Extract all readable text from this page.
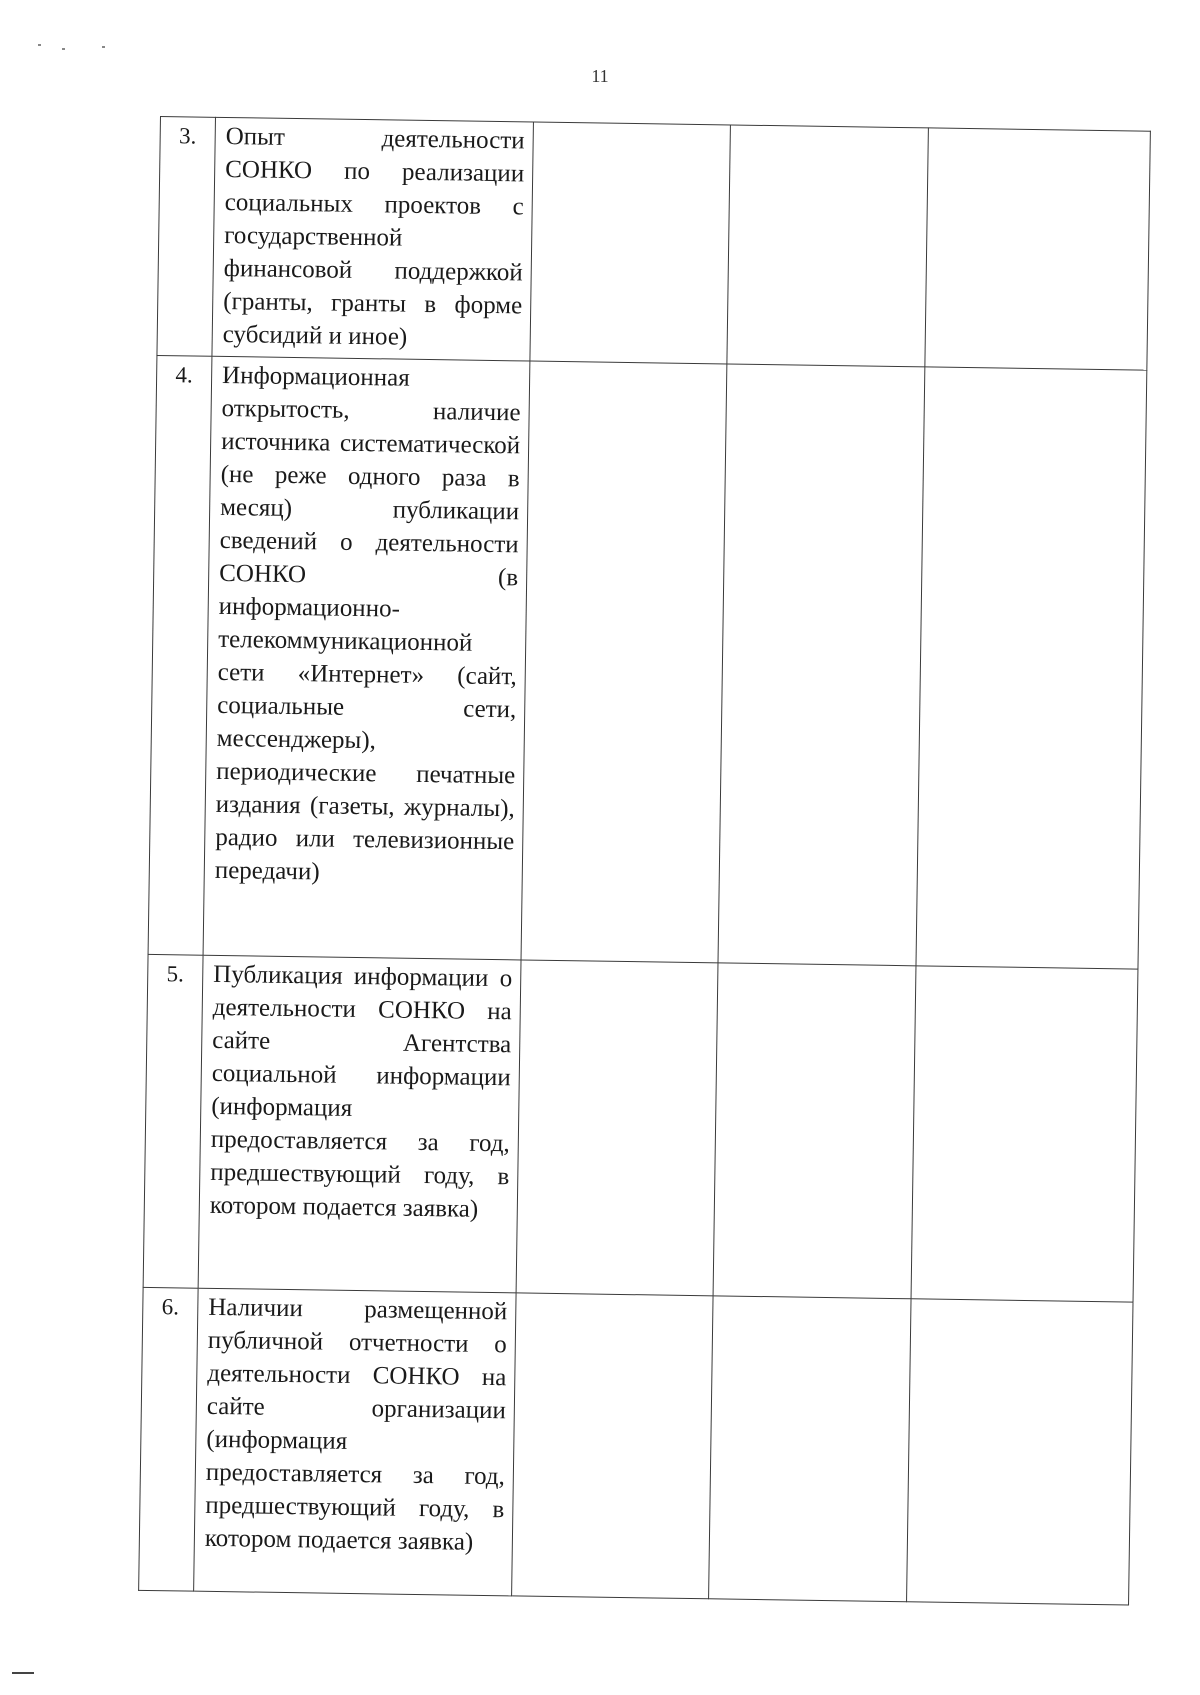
11
3.	Опыт деятельности СОНКО по реализации социальных проектов с государственной финансовой поддержкой (гранты, гранты в форме субсидий и иное)			
4.	Информационная открытость, наличие источника систематической (не реже одного раза в месяц) публикации сведений о деятельности СОНКО (в информационно-телекоммуникационной сети «Интернет» (сайт, социальные сети, мессенджеры), периодические печатные издания (газеты, журналы), радио или телевизионные передачи)			
5.	Публикация информации о деятельности СОНКО на сайте Агентства социальной информации (информация предоставляется за год, предшествующий году, в котором подается заявка)			
6.	Наличии размещенной публичной отчетности о деятельности СОНКО на сайте организации (информация предоставляется за год, предшествующий году, в котором подается заявка)			
